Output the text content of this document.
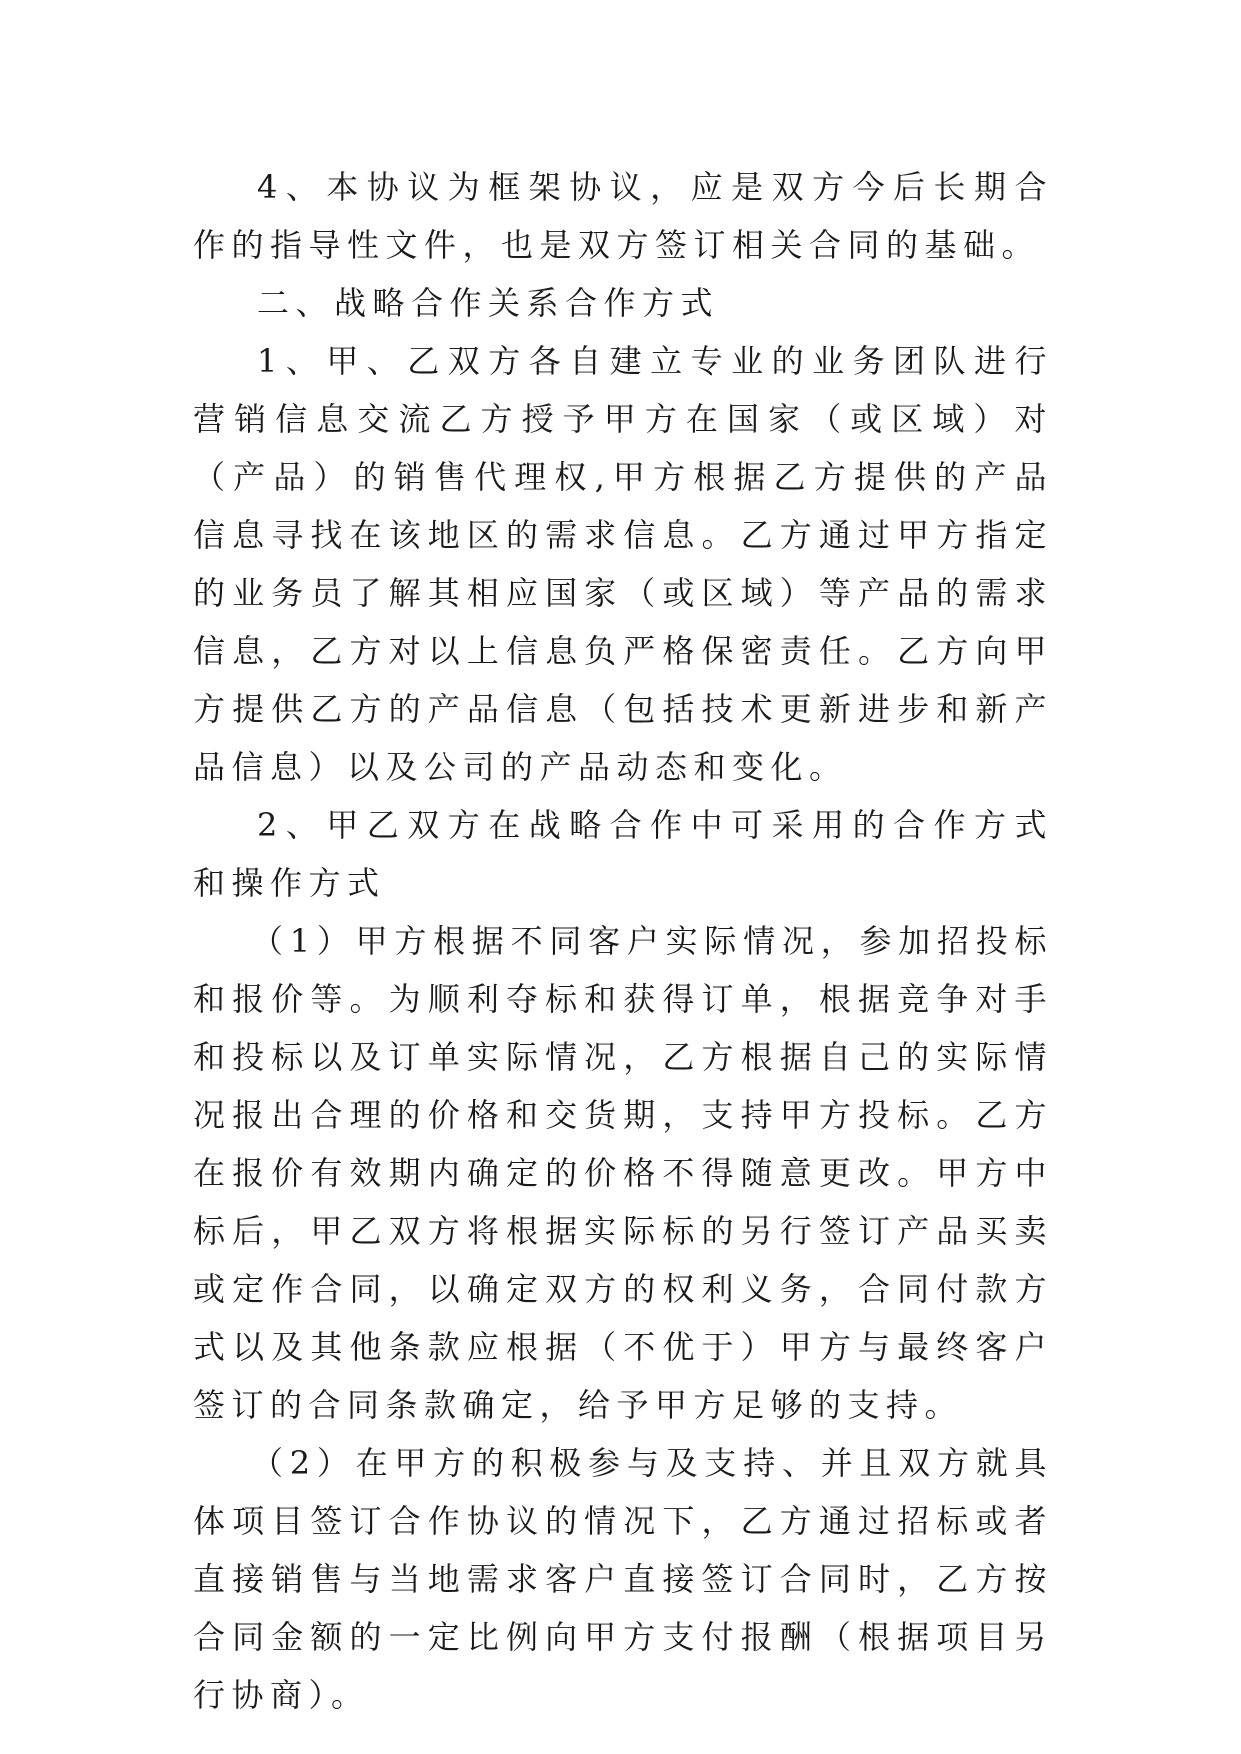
4、本协议为框架协议，应是双方今后长期合作的指导性文件，也是双方签订相关合同的基础。

二、战略合作关系合作方式

1、甲、乙双方各自建立专业的业务团队进行营销信息交流乙方授予甲方在国家（或区域）对（产品）的销售代理权,甲方根据乙方提供的产品信息寻找在该地区的需求信息。乙方通过甲方指定的业务员了解其相应国家（或区域）等产品的需求信息，乙方对以上信息负严格保密责任。乙方向甲方提供乙方的产品信息（包括技术更新进步和新产品信息）以及公司的产品动态和变化。

2、甲乙双方在战略合作中可采用的合作方式和操作方式

（1）甲方根据不同客户实际情况，参加招投标和报价等。为顺利夺标和获得订单，根据竞争对手和投标以及订单实际情况，乙方根据自己的实际情况报出合理的价格和交货期，支持甲方投标。乙方在报价有效期内确定的价格不得随意更改。甲方中标后，甲乙双方将根据实际标的另行签订产品买卖或定作合同，以确定双方的权利义务，合同付款方式以及其他条款应根据（不优于）甲方与最终客户签订的合同条款确定，给予甲方足够的支持。

（2）在甲方的积极参与及支持、并且双方就具体项目签订合作协议的情况下，乙方通过招标或者直接销售与当地需求客户直接签订合同时，乙方按合同金额的一定比例向甲方支付报酬（根据项目另行协商）。
